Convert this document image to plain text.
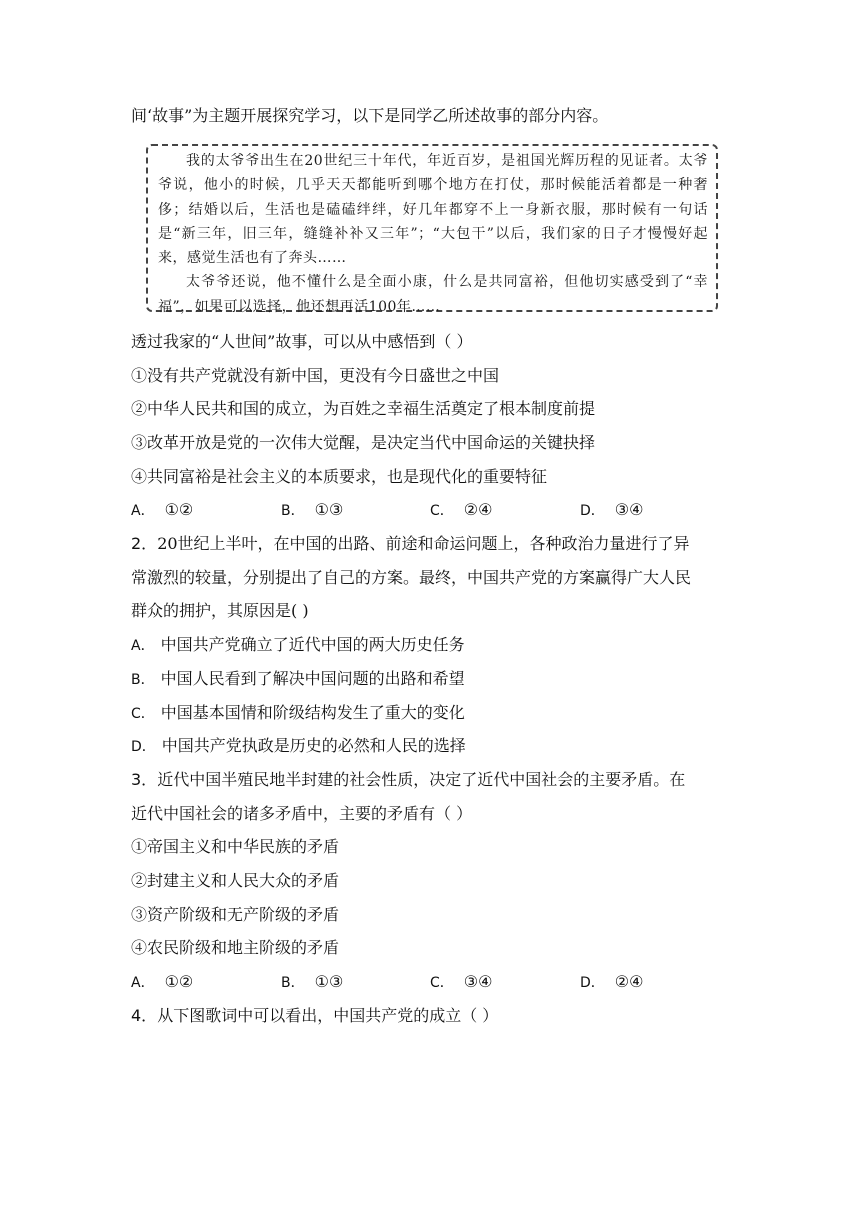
间‘故事”为主题开展探究学习，以下是同学乙所述故事的部分内容。

我的太爷爷出生在20世纪三十年代，年近百岁，是祖国光辉历程的见证者。太爷爷说，他小的时候，几乎天天都能听到哪个地方在打仗，那时候能活着都是一种奢侈；结婚以后，生活也是磕磕绊绊，好几年都穿不上一身新衣服，那时候有一句话是“新三年，旧三年，缝缝补补又三年”；“大包干”以后，我们家的日子才慢慢好起来，感觉生活也有了奔头……

太爷爷还说，他不懂什么是全面小康，什么是共同富裕，但他切实感受到了“幸福”，如果可以选择，他还想再活100年……

透过我家的“人世间”故事，可以从中感悟到（ ）
①没有共产党就没有新中国，更没有今日盛世之中国
②中华人民共和国的成立，为百姓之幸福生活奠定了根本制度前提
③改革开放是党的一次伟大觉醒，是决定当代中国命运的关键抉择
④共同富裕是社会主义的本质要求，也是现代化的重要特征
A． ①②	B． ①③	C． ②④	D． ③④
2．20世纪上半叶，在中国的出路、前途和命运问题上，各种政治力量进行了异
常激烈的较量，分别提出了自己的方案。最终，中国共产党的方案赢得广大人民
群众的拥护，其原因是( )
A． 中国共产党确立了近代中国的两大历史任务
B． 中国人民看到了解决中国问题的出路和希望
C． 中国基本国情和阶级结构发生了重大的变化
D． 中国共产党执政是历史的必然和人民的选择
3．近代中国半殖民地半封建的社会性质，决定了近代中国社会的主要矛盾。在
近代中国社会的诸多矛盾中，主要的矛盾有（ ）
①帝国主义和中华民族的矛盾
②封建主义和人民大众的矛盾
③资产阶级和无产阶级的矛盾
④农民阶级和地主阶级的矛盾
A． ①②	B． ①③	C． ③④	D． ②④
4．从下图歌词中可以看出，中国共产党的成立（ ）
